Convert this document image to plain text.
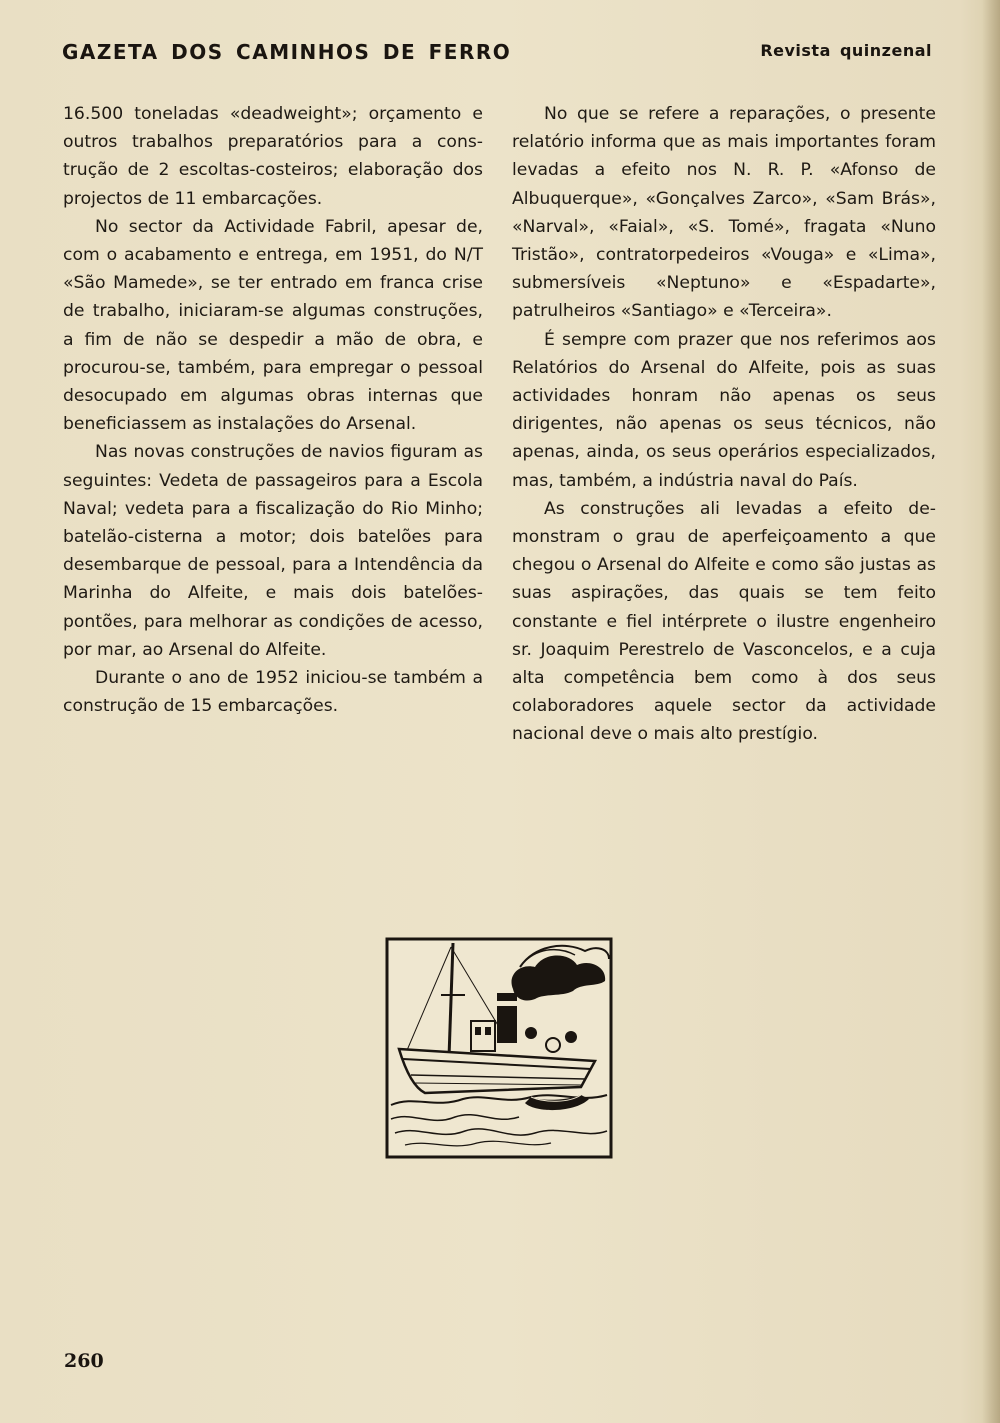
GAZETA DOS CAMINHOS DE FERRO	Revista quinzenal

16.500 toneladas «deadweight»; orçamento e outros trabalhos preparatórios para a construção de 2 escoltas-costeiros; elaboração dos projectos de 11 embarcações.

No sector da Actividade Fabril, apesar de, com o acabamento e entrega, em 1951, do N/T «São Mamede», se ter entrado em franca crise de trabalho, iniciaram-se algumas construções, a fim de não se despedir a mão de obra, e procurou-se, também, para empregar o pessoal desocupado em algumas obras internas que beneficiassem as instalações do Arsenal.

Nas novas construções de navios figuram as seguintes: Vedeta de passageiros para a Escola Naval; vedeta para a fiscalização do Rio Minho; batelão-cisterna a motor; dois batelões para desembarque de pessoal, para a Intendência da Marinha do Alfeite, e mais dois batelões-pontões, para melhorar as condições de acesso, por mar, ao Arsenal do Alfeite.

Durante o ano de 1952 iniciou-se também a construção de 15 embarcações.

No que se refere a reparações, o presente relatório informa que as mais importantes foram levadas a efeito nos N. R. P. «Afonso de Albuquerque», «Gonçalves Zarco», «Sam Brás», «Narval», «Faial», «S. Tomé», fragata «Nuno Tristão», contratorpedeiros «Vouga» e «Lima», submersíveis «Neptuno» e «Espadarte», patrulheiros «Santiago» e «Terceira».

É sempre com prazer que nos referimos aos Relatórios do Arsenal do Alfeite, pois as suas actividades honram não apenas os seus dirigentes, não apenas os seus técnicos, não apenas, ainda, os seus operários especializados, mas, também, a indústria naval do País.

As construções ali levadas a efeito demonstram o grau de aperfeiçoamento a que chegou o Arsenal do Alfeite e como são justas as suas aspirações, das quais se tem feito constante e fiel intérprete o ilustre engenheiro sr. Joaquim Perestrelo de Vasconcelos, e a cuja alta competência bem como à dos seus colaboradores aquele sector da actividade nacional deve o mais alto prestígio.

260
